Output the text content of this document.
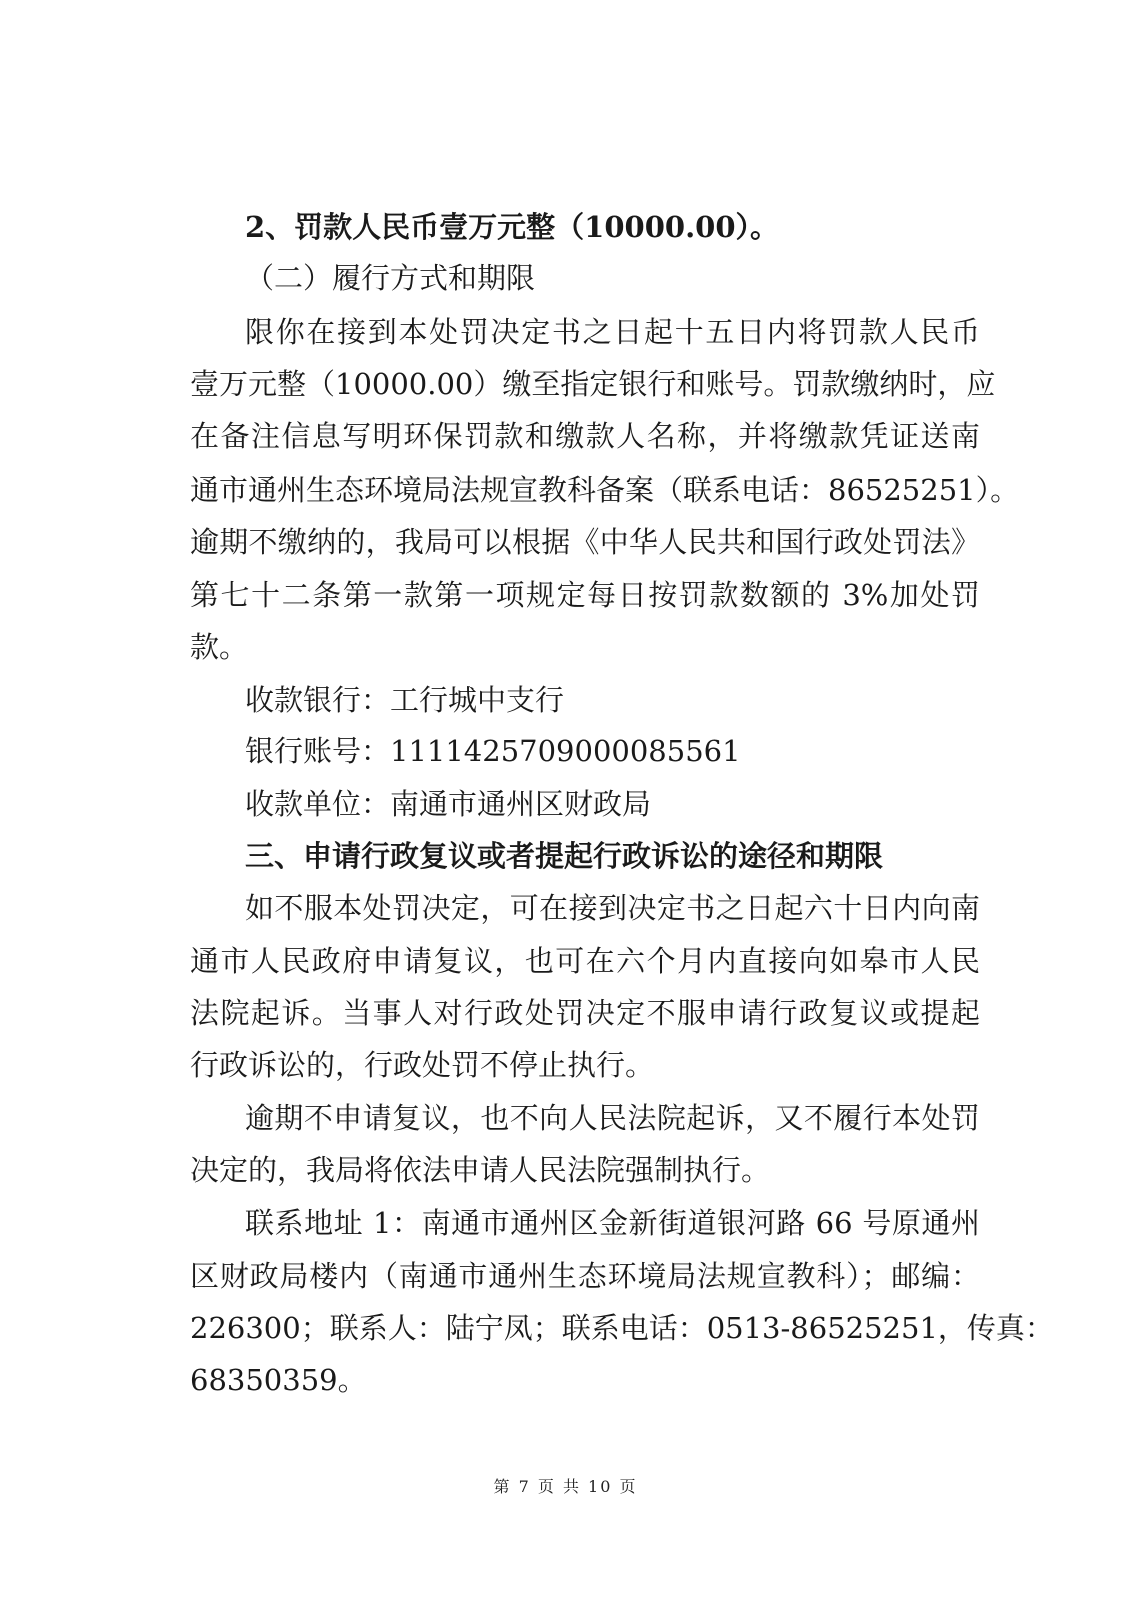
2、罚款人民币壹万元整（10000.00）。
（二）履行方式和期限
限你在接到本处罚决定书之日起十五日内将罚款人民币
壹万元整（10000.00）缴至指定银行和账号。罚款缴纳时，应
在备注信息写明环保罚款和缴款人名称，并将缴款凭证送南
通市通州生态环境局法规宣教科备案（联系电话：86525251）。
逾期不缴纳的，我局可以根据《中华人民共和国行政处罚法》
第七十二条第一款第一项规定每日按罚款数额的 3%加处罚
款。
收款银行：工行城中支行
银行账号：1111425709000085561
收款单位：南通市通州区财政局
三、申请行政复议或者提起行政诉讼的途径和期限
如不服本处罚决定，可在接到决定书之日起六十日内向南
通市人民政府申请复议，也可在六个月内直接向如皋市人民
法院起诉。当事人对行政处罚决定不服申请行政复议或提起
行政诉讼的，行政处罚不停止执行。
逾期不申请复议，也不向人民法院起诉，又不履行本处罚
决定的，我局将依法申请人民法院强制执行。
联系地址 1：南通市通州区金新街道银河路 66 号原通州
区财政局楼内（南通市通州生态环境局法规宣教科）；邮编：
226300；联系人：陆宁凤；联系电话：0513-86525251，传真：
68350359。
第 7 页 共 10 页
